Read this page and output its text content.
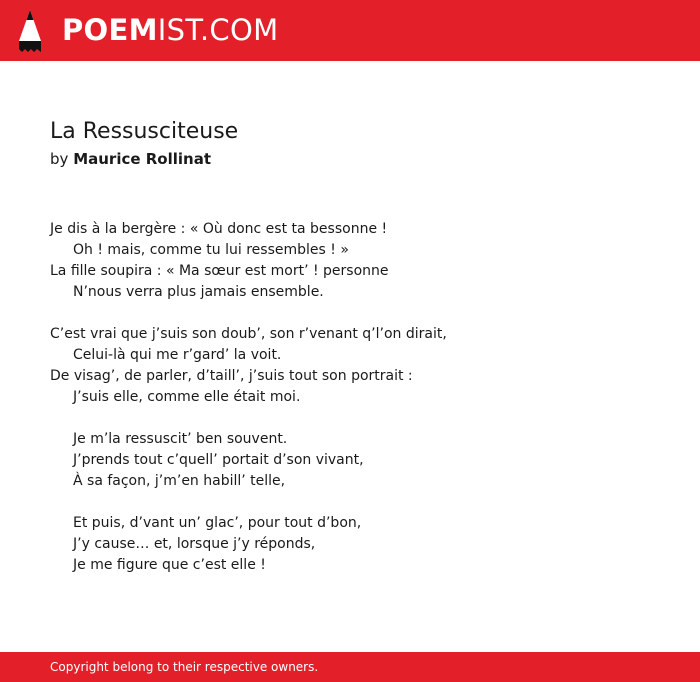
POEMIST.COM
La Ressusciteuse
by Maurice Rollinat
Je dis à la bergère : « Où donc est ta bessonne !
Oh ! mais, comme tu lui ressembles ! »
La fille soupira : « Ma sœur est mort’ ! personne
N’nous verra plus jamais ensemble.
C’est vrai que j’suis son doub’, son r’venant q’l’on dirait,
Celui-là qui me r’gard’ la voit.
De visag’, de parler, d’taill’, j’suis tout son portrait :
J’suis elle, comme elle était moi.
Je m’la ressuscit’ ben souvent.
J’prends tout c’quell’ portait d’son vivant,
À sa façon, j’m’en habill’ telle,
Et puis, d’vant un’ glac’, pour tout d’bon,
J’y cause… et, lorsque j’y réponds,
Je me figure que c’est elle !
Copyright belong to their respective owners.
